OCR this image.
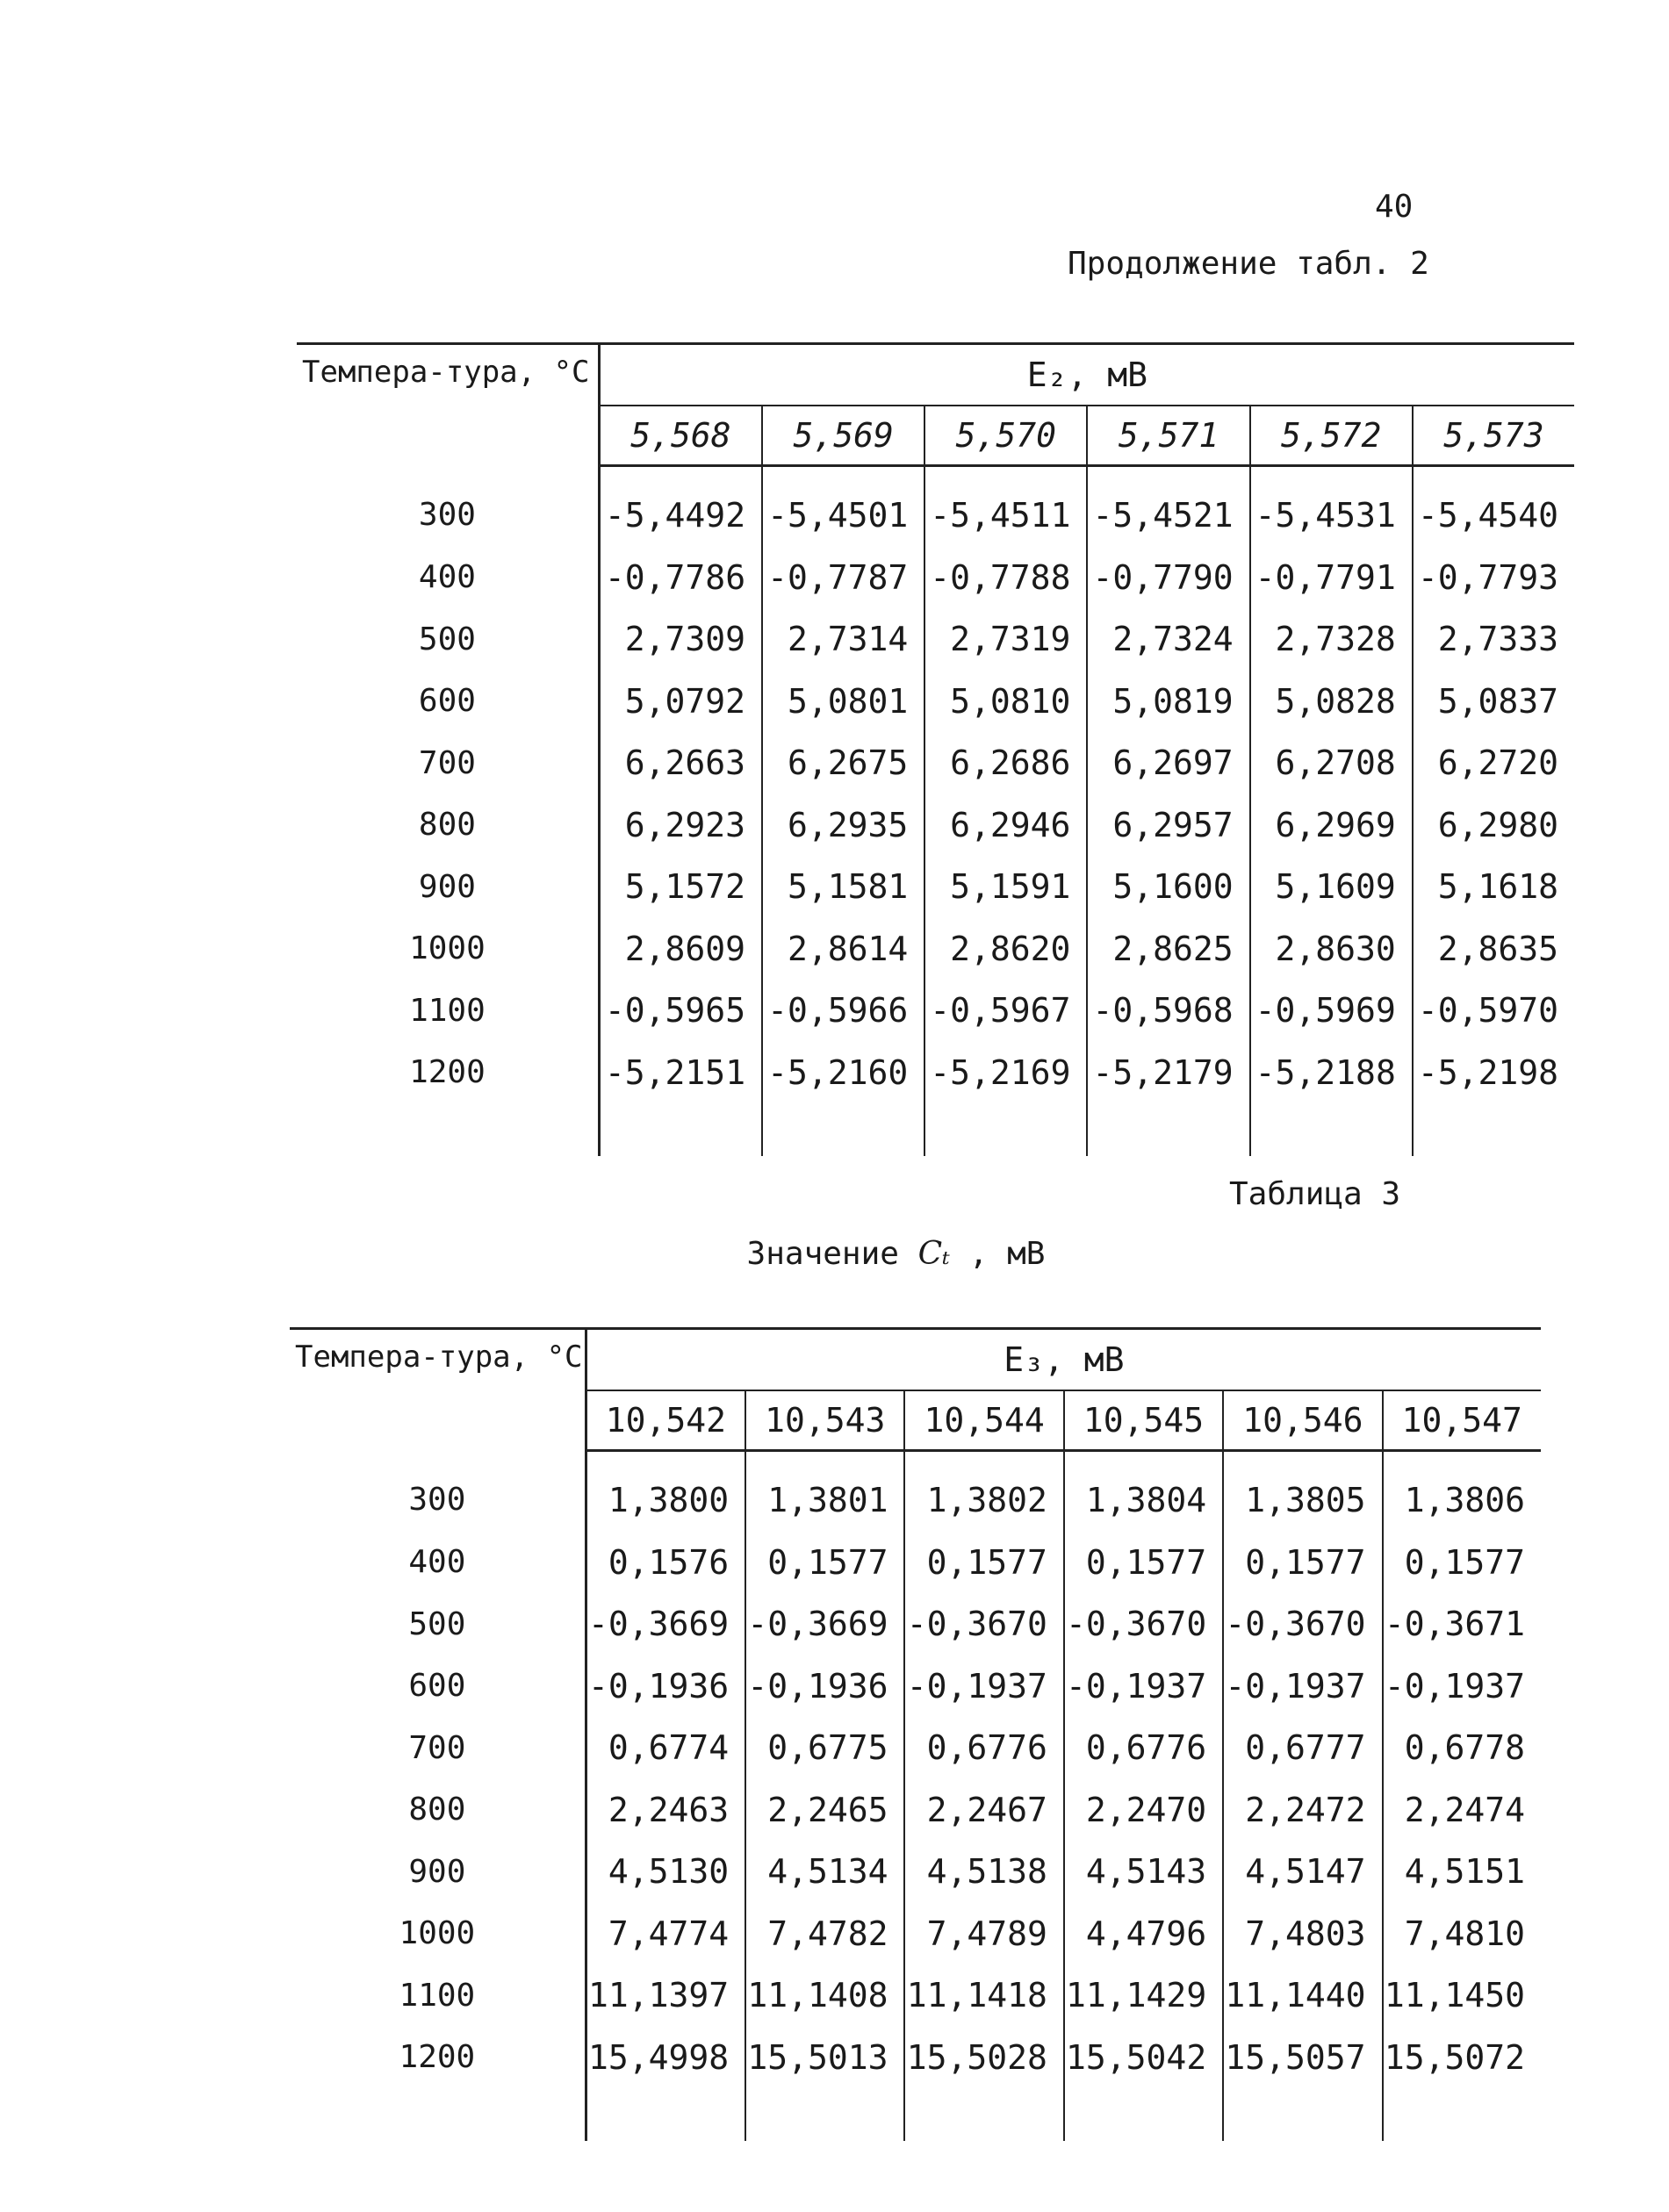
40
Продолжение табл. 2
Темпера-тура, °С	E₂, мВ					
	5,568	5,569	5,570	5,571	5,572	5,573
300	-5,4492	-5,4501	-5,4511	-5,4521	-5,4531	-5,4540
400	-0,7786	-0,7787	-0,7788	-0,7790	-0,7791	-0,7793
500	2,7309	2,7314	2,7319	2,7324	2,7328	2,7333
600	5,0792	5,0801	5,0810	5,0819	5,0828	5,0837
700	6,2663	6,2675	6,2686	6,2697	6,2708	6,2720
800	6,2923	6,2935	6,2946	6,2957	6,2969	6,2980
900	5,1572	5,1581	5,1591	5,1600	5,1609	5,1618
1000	2,8609	2,8614	2,8620	2,8625	2,8630	2,8635
1100	-0,5965	-0,5966	-0,5967	-0,5968	-0,5969	-0,5970
1200	-5,2151	-5,2160	-5,2169	-5,2179	-5,2188	-5,2198

Таблица 3
Значение Cₜ , мВ
Темпера-тура, °С	E₃, мВ					
	10,542	10,543	10,544	10,545	10,546	10,547
300	1,3800	1,3801	1,3802	1,3804	1,3805	1,3806
400	0,1576	0,1577	0,1577	0,1577	0,1577	0,1577
500	-0,3669	-0,3669	-0,3670	-0,3670	-0,3670	-0,3671
600	-0,1936	-0,1936	-0,1937	-0,1937	-0,1937	-0,1937
700	0,6774	0,6775	0,6776	0,6776	0,6777	0,6778
800	2,2463	2,2465	2,2467	2,2470	2,2472	2,2474
900	4,5130	4,5134	4,5138	4,5143	4,5147	4,5151
1000	7,4774	7,4782	7,4789	4,4796	7,4803	7,4810
1100	11,1397	11,1408	11,1418	11,1429	11,1440	11,1450
1200	15,4998	15,5013	15,5028	15,5042	15,5057	15,5072
